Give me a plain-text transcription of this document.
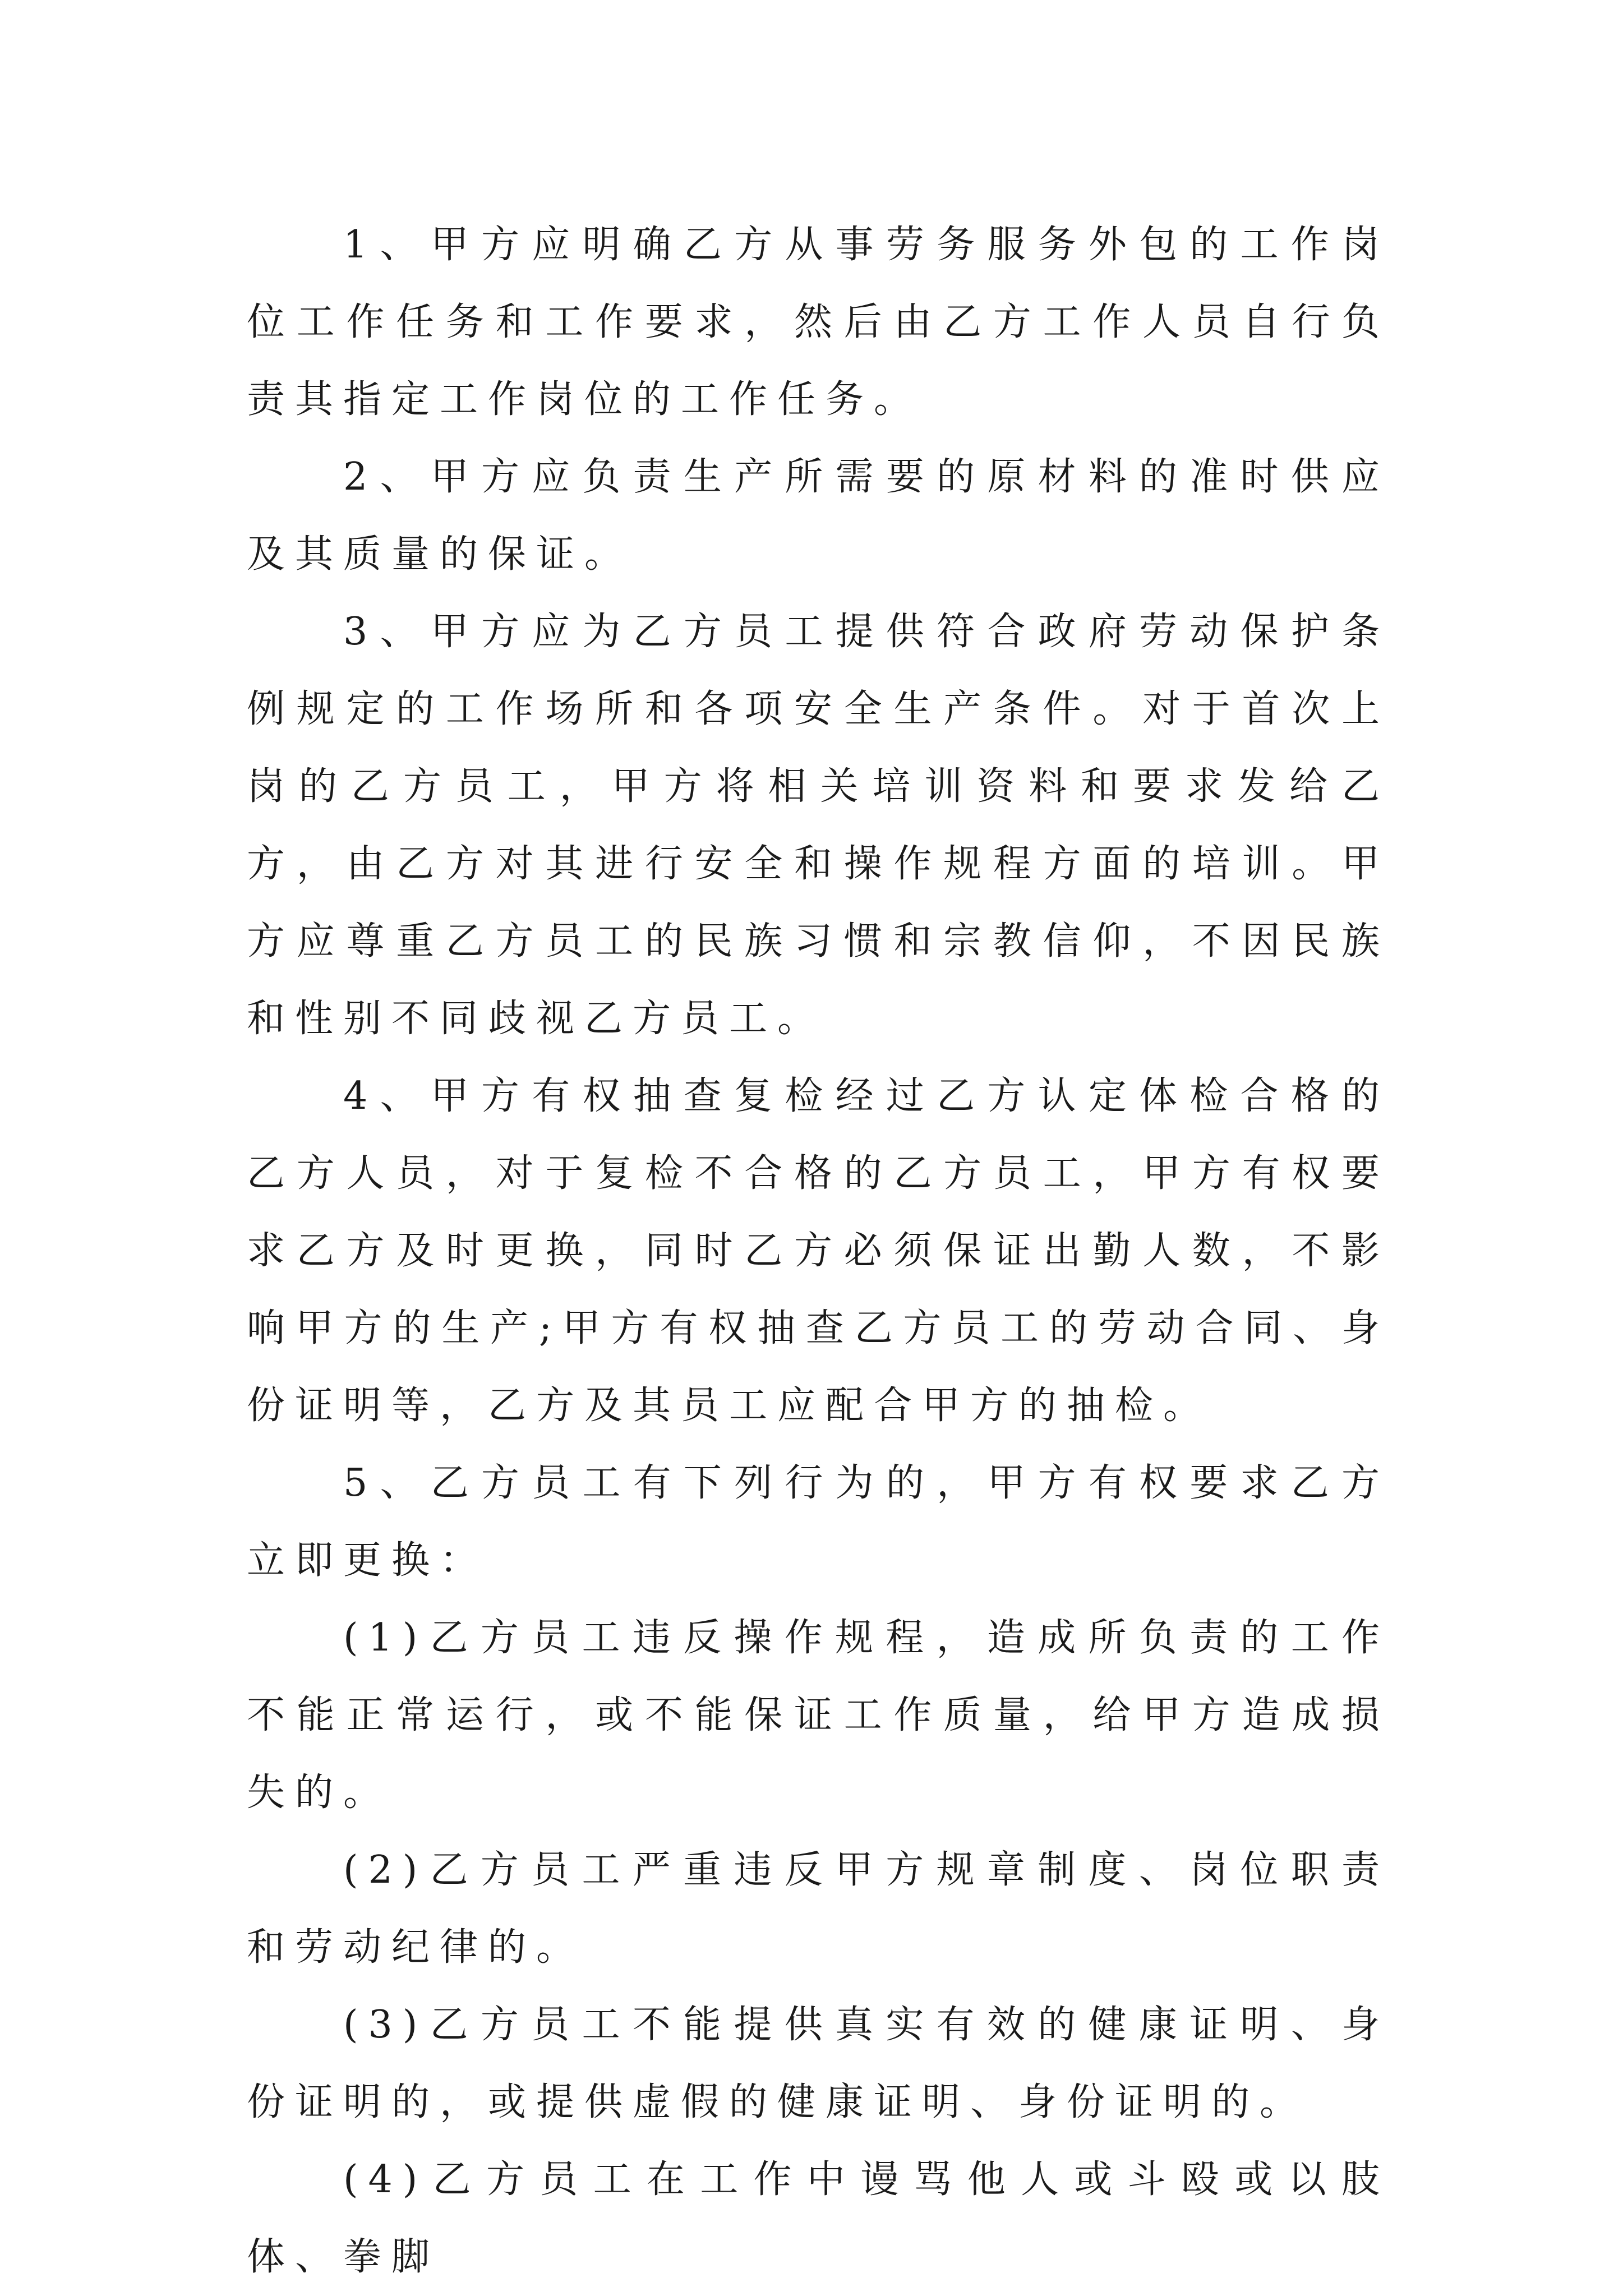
1、甲方应明确乙方从事劳务服务外包的工作岗位工作任务和工作要求，然后由乙方工作人员自行负责其指定工作岗位的工作任务。

2、甲方应负责生产所需要的原材料的准时供应及其质量的保证。

3、甲方应为乙方员工提供符合政府劳动保护条例规定的工作场所和各项安全生产条件。对于首次上岗的乙方员工，甲方将相关培训资料和要求发给乙方，由乙方对其进行安全和操作规程方面的培训。甲方应尊重乙方员工的民族习惯和宗教信仰，不因民族和性别不同歧视乙方员工。

4、甲方有权抽查复检经过乙方认定体检合格的乙方人员，对于复检不合格的乙方员工，甲方有权要求乙方及时更换，同时乙方必须保证出勤人数，不影响甲方的生产;甲方有权抽查乙方员工的劳动合同、身份证明等，乙方及其员工应配合甲方的抽检。

5、乙方员工有下列行为的，甲方有权要求乙方立即更换：

(1)乙方员工违反操作规程，造成所负责的工作不能正常运行，或不能保证工作质量，给甲方造成损失的。

(2)乙方员工严重违反甲方规章制度、岗位职责和劳动纪律的。

(3)乙方员工不能提供真实有效的健康证明、身份证明的，或提供虚假的健康证明、身份证明的。

(4)乙方员工在工作中谩骂他人或斗殴或以肢体、拳脚
